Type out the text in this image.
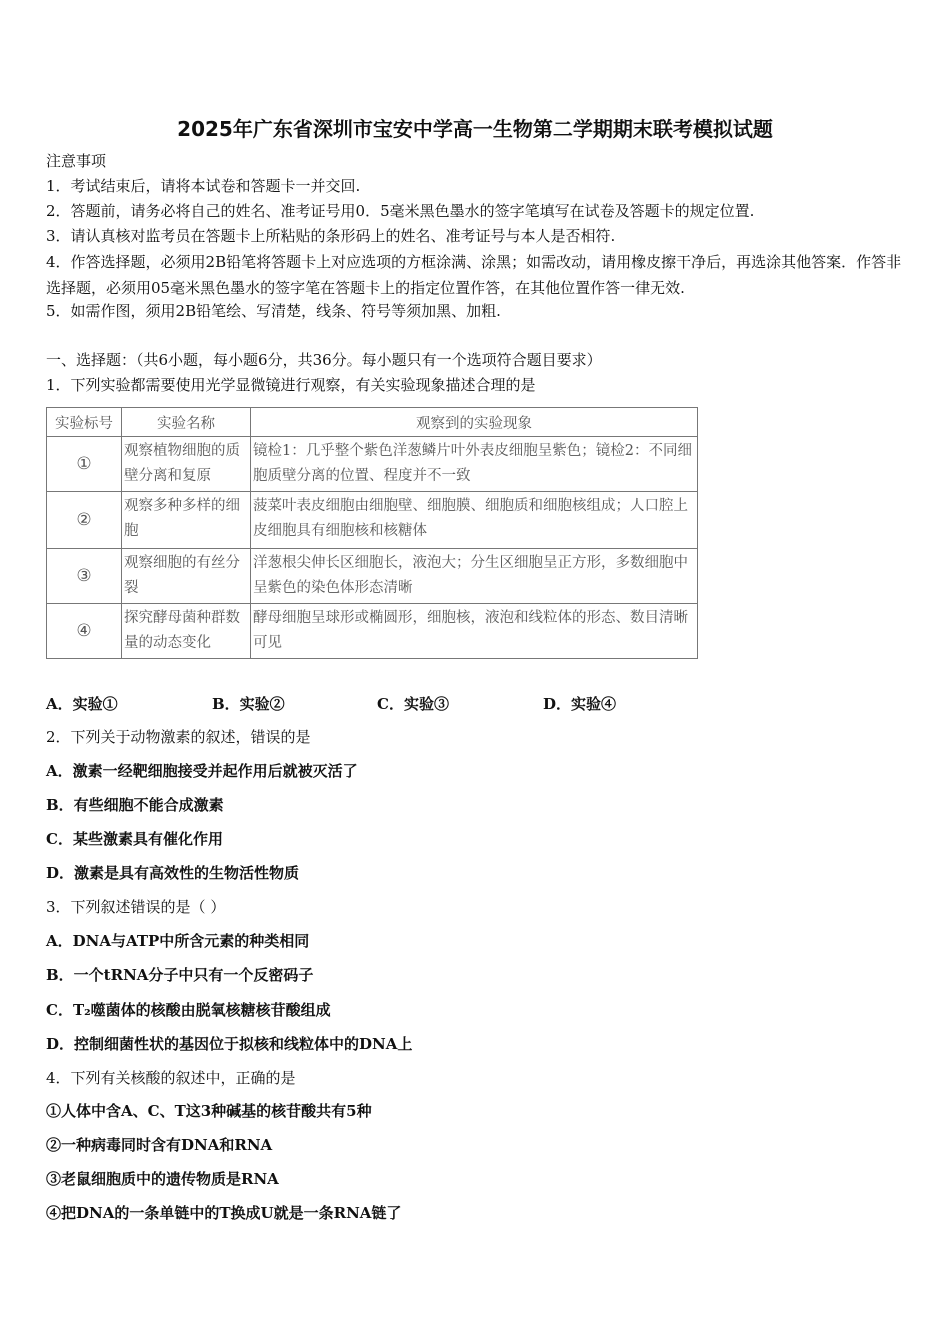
2025年广东省深圳市宝安中学高一生物第二学期期末联考模拟试题
注意事项
1．考试结束后，请将本试卷和答题卡一并交回.
2．答题前，请务必将自己的姓名、准考证号用0．5毫米黑色墨水的签字笔填写在试卷及答题卡的规定位置.
3．请认真核对监考员在答题卡上所粘贴的条形码上的姓名、准考证号与本人是否相符.
4．作答选择题，必须用2B铅笔将答题卡上对应选项的方框涂满、涂黑；如需改动，请用橡皮擦干净后，再选涂其他答案．作答非选择题，必须用05毫米黑色墨水的签字笔在答题卡上的指定位置作答，在其他位置作答一律无效.
5．如需作图，须用2B铅笔绘、写清楚，线条、符号等须加黑、加粗.
一、选择题：（共6小题，每小题6分，共36分。每小题只有一个选项符合题目要求）
1．下列实验都需要使用光学显微镜进行观察，有关实验现象描述合理的是
实验标号	实验名称	观察到的实验现象
①	观察植物细胞的质壁分离和复原	镜检1：几乎整个紫色洋葱鳞片叶外表皮细胞呈紫色；镜检2：不同细胞质壁分离的位置、程度并不一致
②	观察多种多样的细胞	菠菜叶表皮细胞由细胞壁、细胞膜、细胞质和细胞核组成；人口腔上皮细胞具有细胞核和核糖体
③	观察细胞的有丝分裂	洋葱根尖伸长区细胞长，液泡大；分生区细胞呈正方形，多数细胞中呈紫色的染色体形态清晰
④	探究酵母菌种群数量的动态变化	酵母细胞呈球形或椭圆形，细胞核，液泡和线粒体的形态、数目清晰可见
A．实验①	B．实验②	C．实验③	D．实验④
2．下列关于动物激素的叙述，错误的是
A．激素一经靶细胞接受并起作用后就被灭活了
B．有些细胞不能合成激素
C．某些激素具有催化作用
D．激素是具有高效性的生物活性物质
3．下列叙述错误的是（ ）
A．DNA与ATP中所含元素的种类相同
B．一个tRNA分子中只有一个反密码子
C．T₂噬菌体的核酸由脱氧核糖核苷酸组成
D．控制细菌性状的基因位于拟核和线粒体中的DNA上
4．下列有关核酸的叙述中，正确的是
①人体中含A、C、T这3种碱基的核苷酸共有5种
②一种病毒同时含有DNA和RNA
③老鼠细胞质中的遗传物质是RNA
④把DNA的一条单链中的T换成U就是一条RNA链了
